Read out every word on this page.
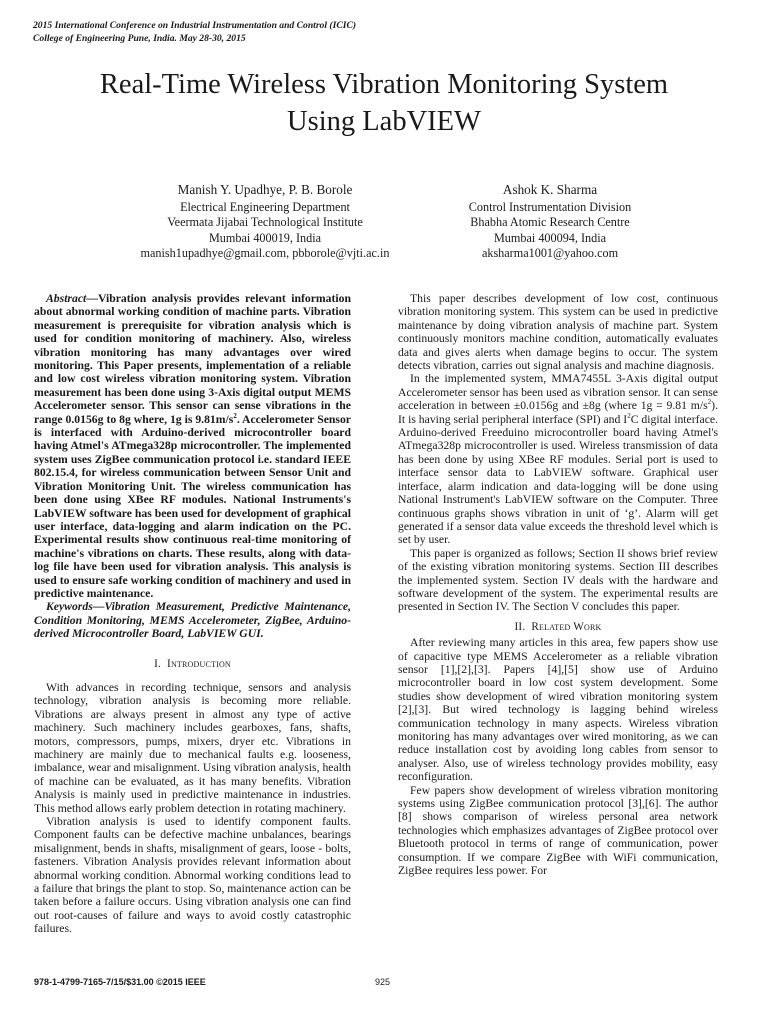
2015 International Conference on Industrial Instrumentation and Control (ICIC)
College of Engineering Pune, India. May 28-30, 2015
Real-Time Wireless Vibration Monitoring System
Using LabVIEW
Manish Y. Upadhye, P. B. Borole
Electrical Engineering Department
Veermata Jijabai Technological Institute
Mumbai 400019, India
manish1upadhye@gmail.com, pbborole@vjti.ac.in
Ashok K. Sharma
Control Instrumentation Division
Bhabha Atomic Research Centre
Mumbai 400094, India
aksharma1001@yahoo.com

Abstract—Vibration analysis provides relevant information about abnormal working condition of machine parts. Vibration measurement is prerequisite for vibration analysis which is used for condition monitoring of machinery. Also, wireless vibration monitoring has many advantages over wired monitoring. This Paper presents, implementation of a reliable and low cost wireless vibration monitoring system. Vibration measurement has been done using 3-Axis digital output MEMS Accelerometer sensor. This sensor can sense vibrations in the range 0.0156g to 8g where, 1g is $9.81m/s^2$. Accelerometer Sensor is interfaced with Arduino-derived microcontroller board having Atmel's ATmega328p microcontroller. The implemented system uses ZigBee communication protocol i.e. standard IEEE 802.15.4, for wireless communication between Sensor Unit and Vibration Monitoring Unit. The wireless communication has been done using XBee RF modules. National Instruments's LabVIEW software has been used for development of graphical user interface, data-logging and alarm indication on the PC. Experimental results show continuous real-time monitoring of machine's vibrations on charts. These results, along with data-log file have been used for vibration analysis. This analysis is used to ensure safe working condition of machinery and used in predictive maintenance.

Keywords—Vibration Measurement, Predictive Maintenance, Condition Monitoring, MEMS Accelerometer, ZigBee, Arduino-derived Microcontroller Board, LabVIEW GUI.

I. Introduction

With advances in recording technique, sensors and analysis technology, vibration analysis is becoming more reliable. Vibrations are always present in almost any type of active machinery. Such machinery includes gearboxes, fans, shafts, motors, compressors, pumps, mixers, dryer etc. Vibrations in machinery are mainly due to mechanical faults e.g. looseness, imbalance, wear and misalignment. Using vibration analysis, health of machine can be evaluated, as it has many benefits. Vibration Analysis is mainly used in predictive maintenance in industries. This method allows early problem detection in rotating machinery.

Vibration analysis is used to identify component faults. Component faults can be defective machine unbalances, bearings misalignment, bends in shafts, misalignment of gears, loose - bolts, fasteners. Vibration Analysis provides relevant information about abnormal working condition. Abnormal working conditions lead to a failure that brings the plant to stop. So, maintenance action can be taken before a failure occurs. Using vibration analysis one can find out root-causes of failure and ways to avoid costly catastrophic failures.

This paper describes development of low cost, continuous vibration monitoring system. This system can be used in predictive maintenance by doing vibration analysis of machine part. System continuously monitors machine condition, automatically evaluates data and gives alerts when damage begins to occur. The system detects vibration, carries out signal analysis and machine diagnosis.

In the implemented system, MMA7455L 3-Axis digital output Accelerometer sensor has been used as vibration sensor. It can sense acceleration in between ±0.0156g and ±8g (where 1g = 9.81 $m/s^2$). It is having serial peripheral interface (SPI) and $I^2C$ digital interface. Arduino-derived Freeduino microcontroller board having Atmel's ATmega328p microcontroller is used. Wireless transmission of data has been done by using XBee RF modules. Serial port is used to interface sensor data to LabVIEW software. Graphical user interface, alarm indication and data-logging will be done using National Instrument's LabVIEW software on the Computer. Three continuous graphs shows vibration in unit of ‘g’. Alarm will get generated if a sensor data value exceeds the threshold level which is set by user.

This paper is organized as follows; Section II shows brief review of the existing vibration monitoring systems. Section III describes the implemented system. Section IV deals with the hardware and software development of the system. The experimental results are presented in Section IV. The Section V concludes this paper.

II. Related Work

After reviewing many articles in this area, few papers show use of capacitive type MEMS Accelerometer as a reliable vibration sensor [1],[2],[3]. Papers [4],[5] show use of Arduino microcontroller board in low cost system development. Some studies show development of wired vibration monitoring system [2],[3]. But wired technology is lagging behind wireless communication technology in many aspects. Wireless vibration monitoring has many advantages over wired monitoring, as we can reduce installation cost by avoiding long cables from sensor to analyser. Also, use of wireless technology provides mobility, easy reconfiguration.

Few papers show development of wireless vibration monitoring systems using ZigBee communication protocol [3],[6]. The author [8] shows comparison of wireless personal area network technologies which emphasizes advantages of ZigBee protocol over Bluetooth protocol in terms of range of communication, power consumption. If we compare ZigBee with WiFi communication, ZigBee requires less power. For

978-1-4799-7165-7/15/$31.00 ©2015 IEEE	925
